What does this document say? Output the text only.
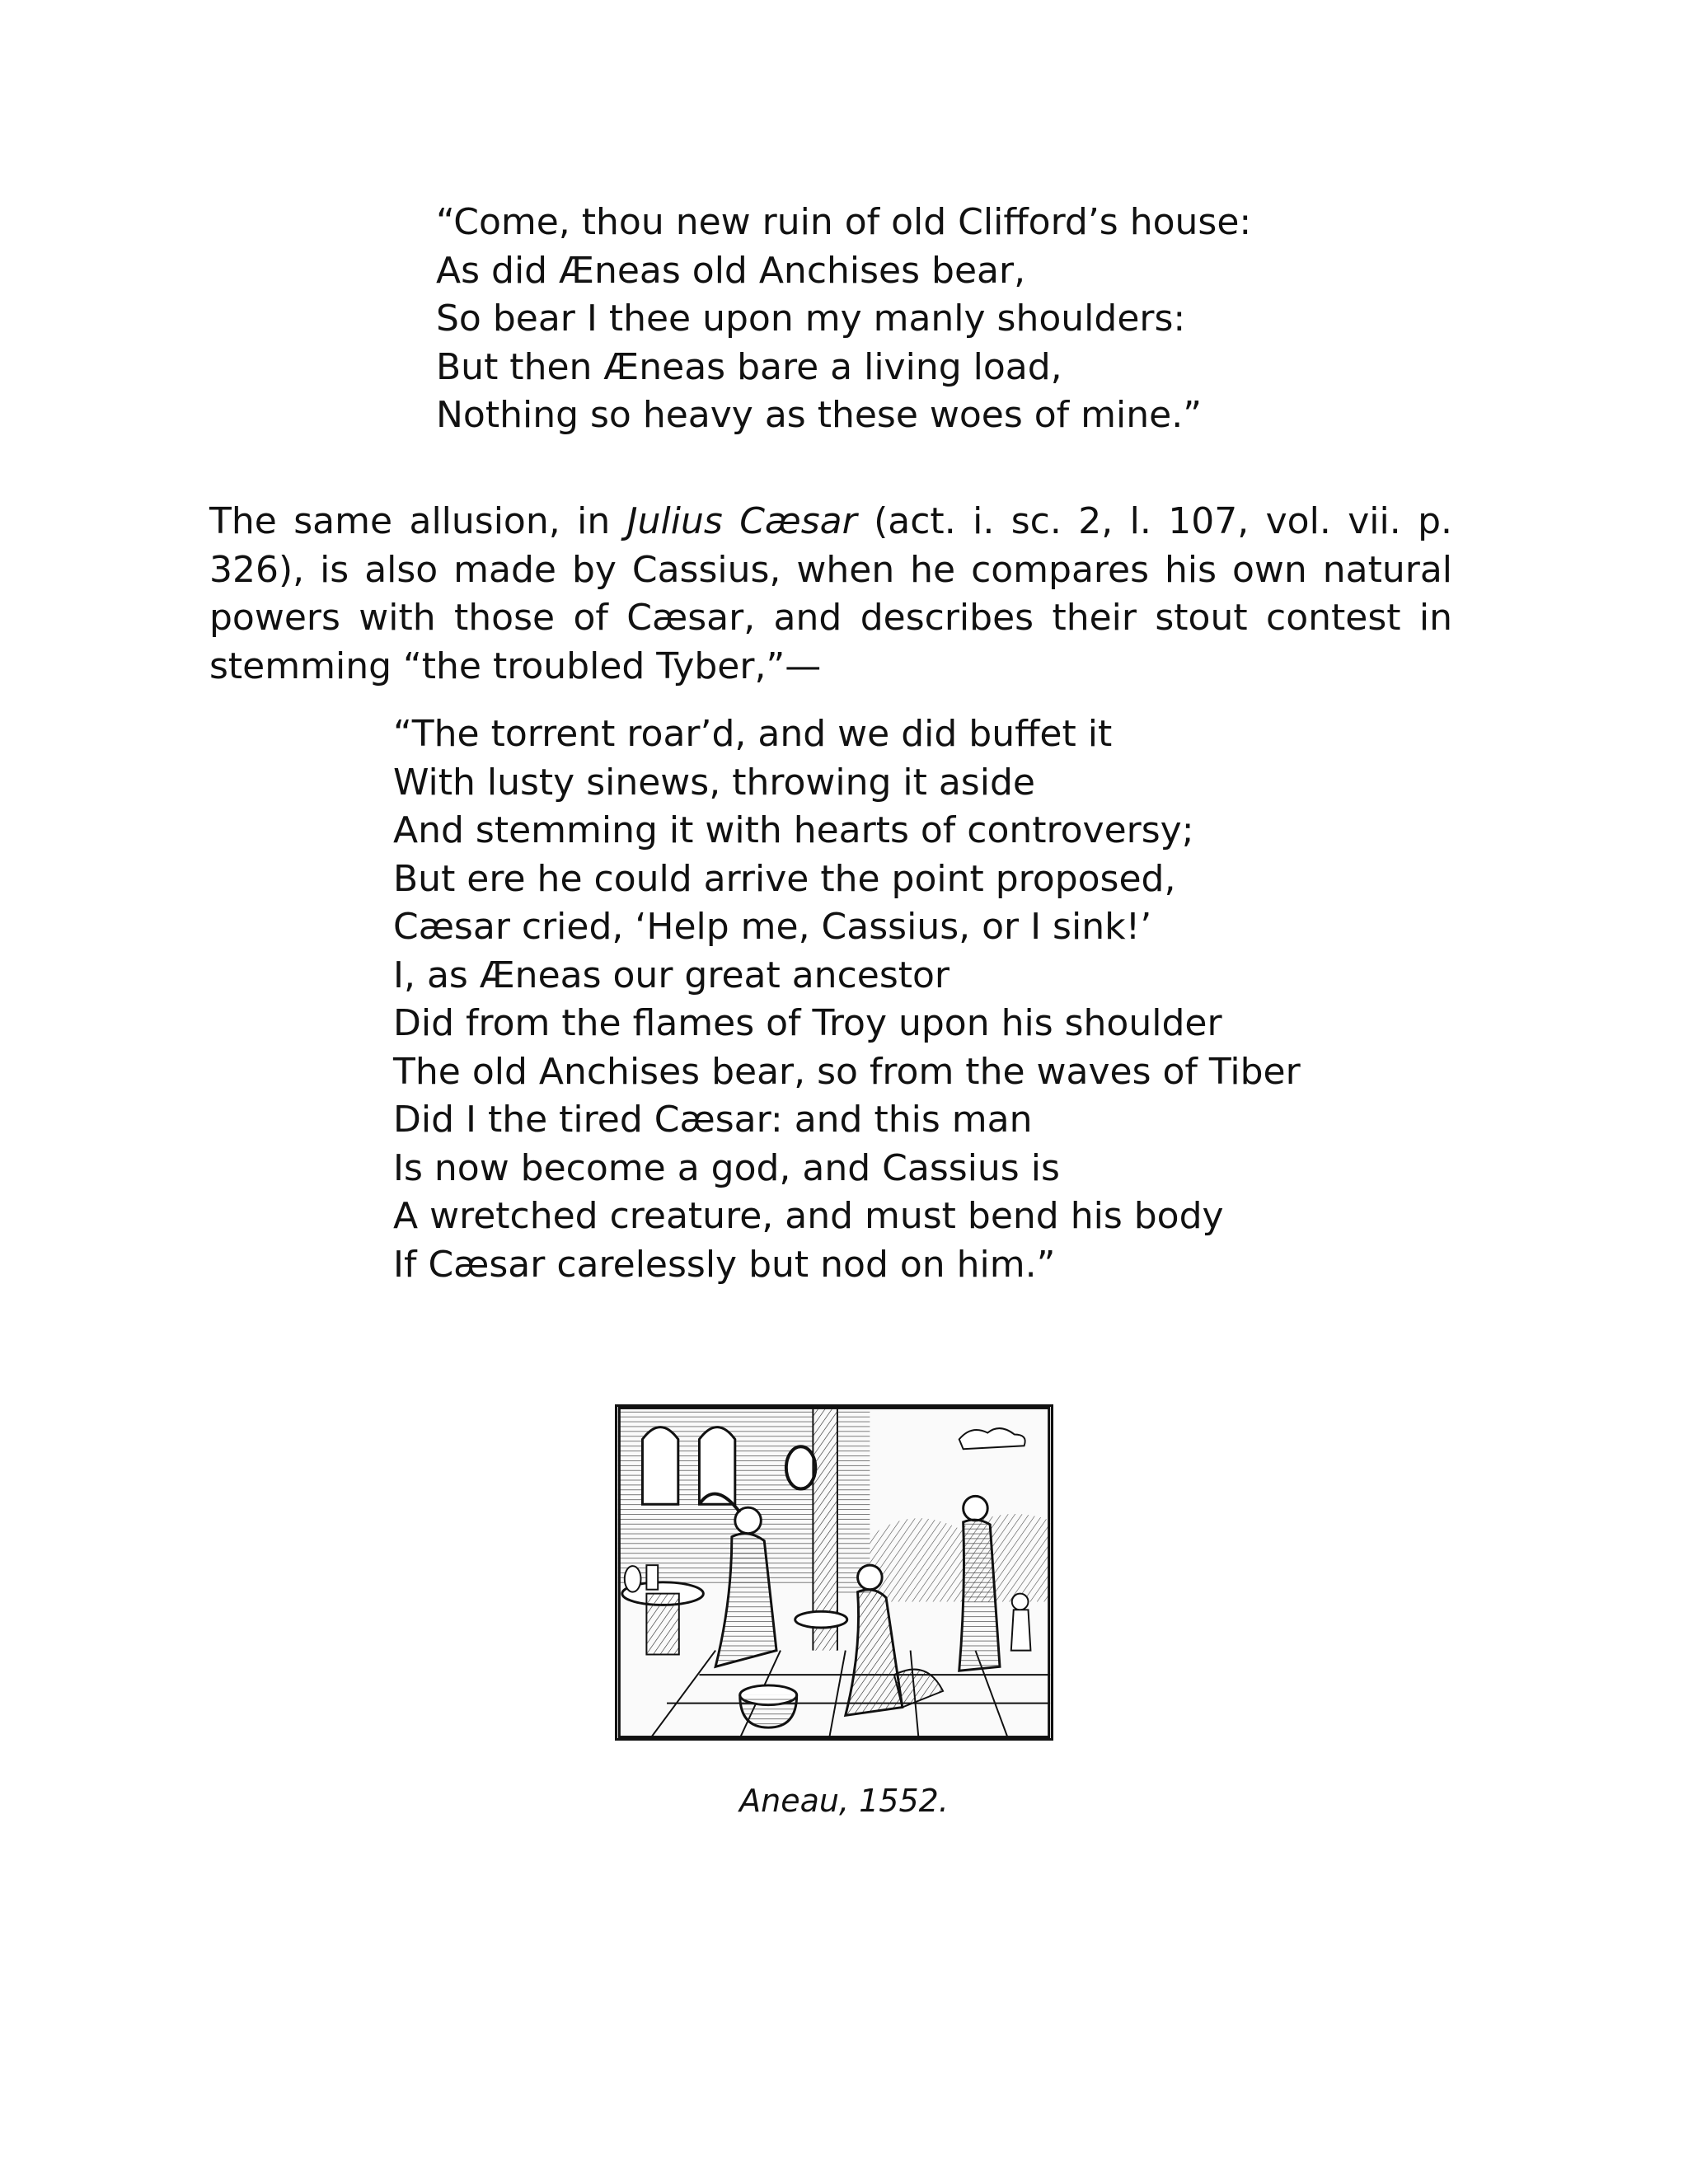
“Come, thou new ruin of old Clifford’s house:
As did Æneas old Anchises bear,
So bear I thee upon my manly shoulders:
But then Æneas bare a living load,
Nothing so heavy as these woes of mine.”
The same allusion, in Julius Cæsar (act. i. sc. 2, l. 107, vol. vii. p. 326), is also made by Cassius, when he compares his own natural powers with those of Cæsar, and describes their stout contest in stemming “the troubled Tyber,”—
“The torrent roar’d, and we did buffet it
With lusty sinews, throwing it aside
And stemming it with hearts of controversy;
But ere he could arrive the point proposed,
Cæsar cried, ‘Help me, Cassius, or I sink!’
I, as Æneas our great ancestor
Did from the flames of Troy upon his shoulder
The old Anchises bear, so from the waves of Tiber
Did I the tired Cæsar: and this man
Is now become a god, and Cassius is
A wretched creature, and must bend his body
If Cæsar carelessly but nod on him.”
Aneau, 1552.
